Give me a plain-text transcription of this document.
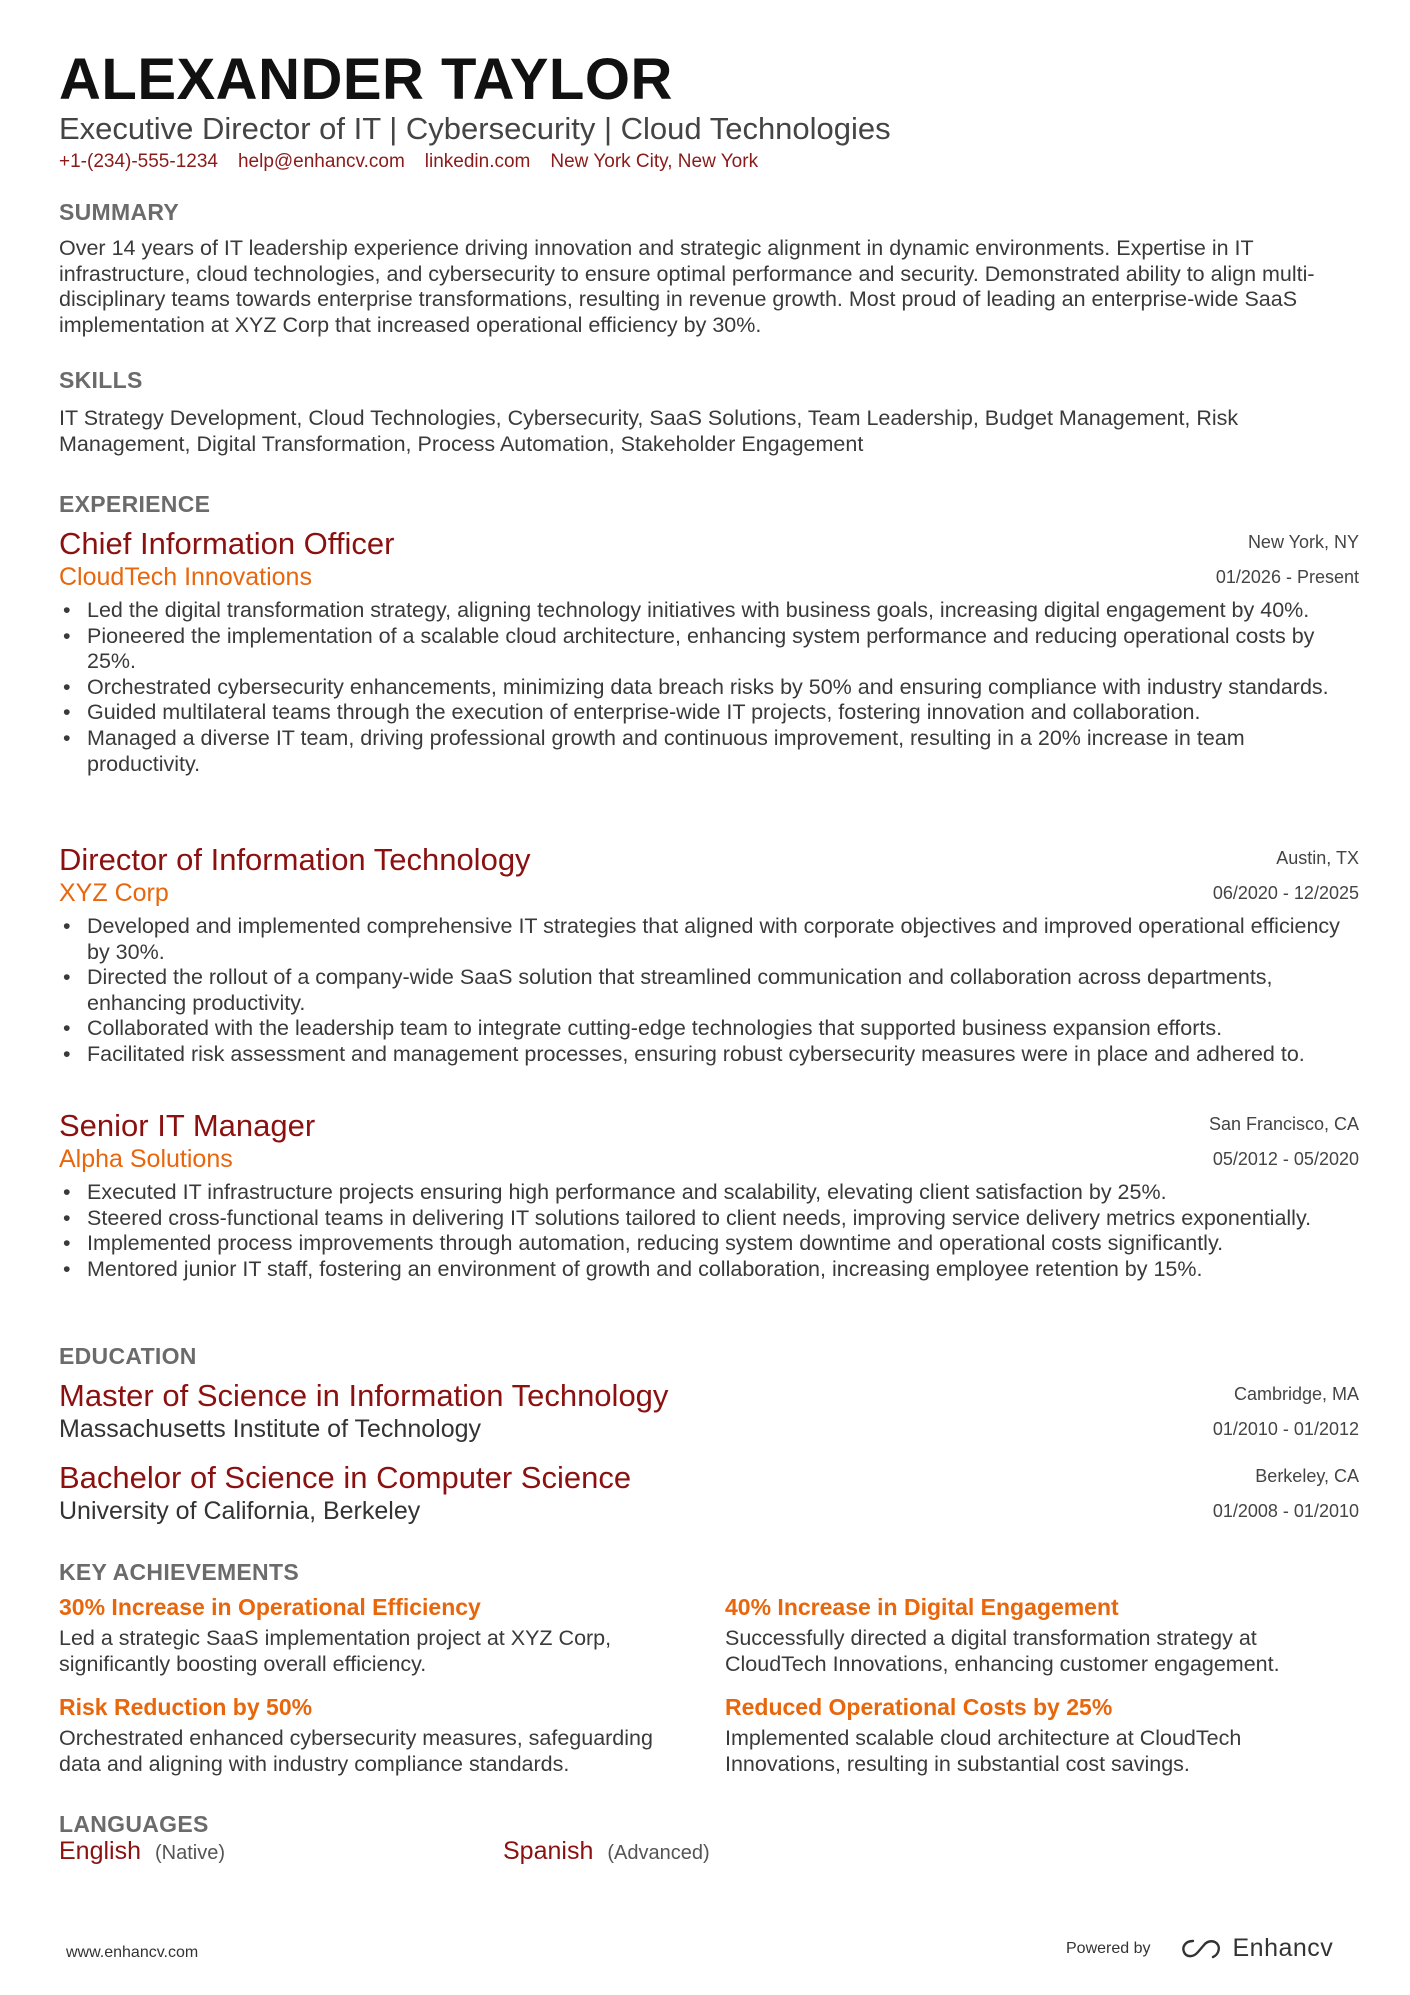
ALEXANDER TAYLOR
Executive Director of IT | Cybersecurity | Cloud Technologies
+1-(234)-555-1234 help@enhancv.com linkedin.com New York City, New York
SUMMARY
Over 14 years of IT leadership experience driving innovation and strategic alignment in dynamic environments. Expertise in IT infrastructure, cloud technologies, and cybersecurity to ensure optimal performance and security. Demonstrated ability to align multi-disciplinary teams towards enterprise transformations, resulting in revenue growth. Most proud of leading an enterprise-wide SaaS implementation at XYZ Corp that increased operational efficiency by 30%.
SKILLS
IT Strategy Development, Cloud Technologies, Cybersecurity, SaaS Solutions, Team Leadership, Budget Management, Risk Management, Digital Transformation, Process Automation, Stakeholder Engagement
EXPERIENCE
Chief Information Officer
CloudTech Innovations
New York, NY
01/2026 - Present
• Led the digital transformation strategy, aligning technology initiatives with business goals, increasing digital engagement by 40%.
• Pioneered the implementation of a scalable cloud architecture, enhancing system performance and reducing operational costs by 25%.
• Orchestrated cybersecurity enhancements, minimizing data breach risks by 50% and ensuring compliance with industry standards.
• Guided multilateral teams through the execution of enterprise-wide IT projects, fostering innovation and collaboration.
• Managed a diverse IT team, driving professional growth and continuous improvement, resulting in a 20% increase in team productivity.
Director of Information Technology
XYZ Corp
Austin, TX
06/2020 - 12/2025
• Developed and implemented comprehensive IT strategies that aligned with corporate objectives and improved operational efficiency by 30%.
• Directed the rollout of a company-wide SaaS solution that streamlined communication and collaboration across departments, enhancing productivity.
• Collaborated with the leadership team to integrate cutting-edge technologies that supported business expansion efforts.
• Facilitated risk assessment and management processes, ensuring robust cybersecurity measures were in place and adhered to.
Senior IT Manager
Alpha Solutions
San Francisco, CA
05/2012 - 05/2020
• Executed IT infrastructure projects ensuring high performance and scalability, elevating client satisfaction by 25%.
• Steered cross-functional teams in delivering IT solutions tailored to client needs, improving service delivery metrics exponentially.
• Implemented process improvements through automation, reducing system downtime and operational costs significantly.
• Mentored junior IT staff, fostering an environment of growth and collaboration, increasing employee retention by 15%.
EDUCATION
Master of Science in Information Technology
Massachusetts Institute of Technology
Cambridge, MA
01/2010 - 01/2012
Bachelor of Science in Computer Science
University of California, Berkeley
Berkeley, CA
01/2008 - 01/2010
KEY ACHIEVEMENTS
30% Increase in Operational Efficiency
Led a strategic SaaS implementation project at XYZ Corp, significantly boosting overall efficiency.
40% Increase in Digital Engagement
Successfully directed a digital transformation strategy at CloudTech Innovations, enhancing customer engagement.
Risk Reduction by 50%
Orchestrated enhanced cybersecurity measures, safeguarding data and aligning with industry compliance standards.
Reduced Operational Costs by 25%
Implemented scalable cloud architecture at CloudTech Innovations, resulting in substantial cost savings.
LANGUAGES
English (Native)	Spanish (Advanced)
www.enhancv.com	Powered by	Enhancv
